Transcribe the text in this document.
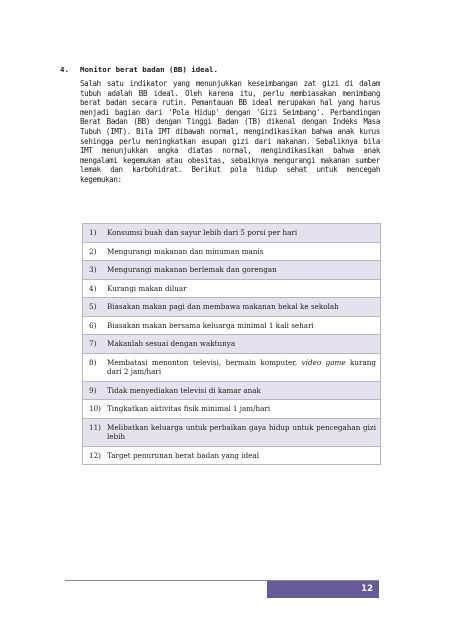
4. Monitor berat badan (BB) ideal.
Salah satu indikator yang menunjukkan keseimbangan zat gizi di dalam tubuh adalah BB ideal. Oleh karena itu, perlu membiasakan menimbang berat badan secara rutin. Pemantauan BB ideal merupakan hal yang harus menjadi bagian dari 'Pola Hidup' dengan 'Gizi Seimbang'. Perbandingan Berat Badan (BB) dengan Tinggi Badan (TB) dikenal dengan Indeks Masa Tubuh (IMT). Bila IMT dibawah normal, mengindikasikan bahwa anak kurus sehingga perlu meningkatkan asupan gizi dari makanan. Sebaliknya bila IMT menunjukkan angka diatas normal, mengindikasikan bahwa anak mengalami kegemukan atau obesitas, sebaiknya mengurangi makanan sumber lemak dan karbohidrat. Berikut pola hidup sehat untuk mencegah kegemukan:
1)	Konsumsi buah dan sayur lebih dari 5 porsi per hari
2)	Mengurangi makanan dan minuman manis
3)	Mengurangi makanan berlemak dan gorengan
4)	Kurangi makan diluar
5)	Biasakan makan pagi dan membawa makanan bekal ke sekolah
6)	Biasakan makan bersama keluarga minimal 1 kali sehari
7)	Makanlah sesuai dengan waktunya
8)	Membatasi menonton televisi, bermain komputer, video game kurang dari 2 jam/hari
9)	Tidak menyediakan televisi di kamar anak
10) Tingkatkan aktivitas fisik minimal 1 jam/hari
11) Melibatkan keluarga untuk perbaikan gaya hidup untuk pencegahan gizi lebih
12) Target penurunan berat badan yang ideal
12
